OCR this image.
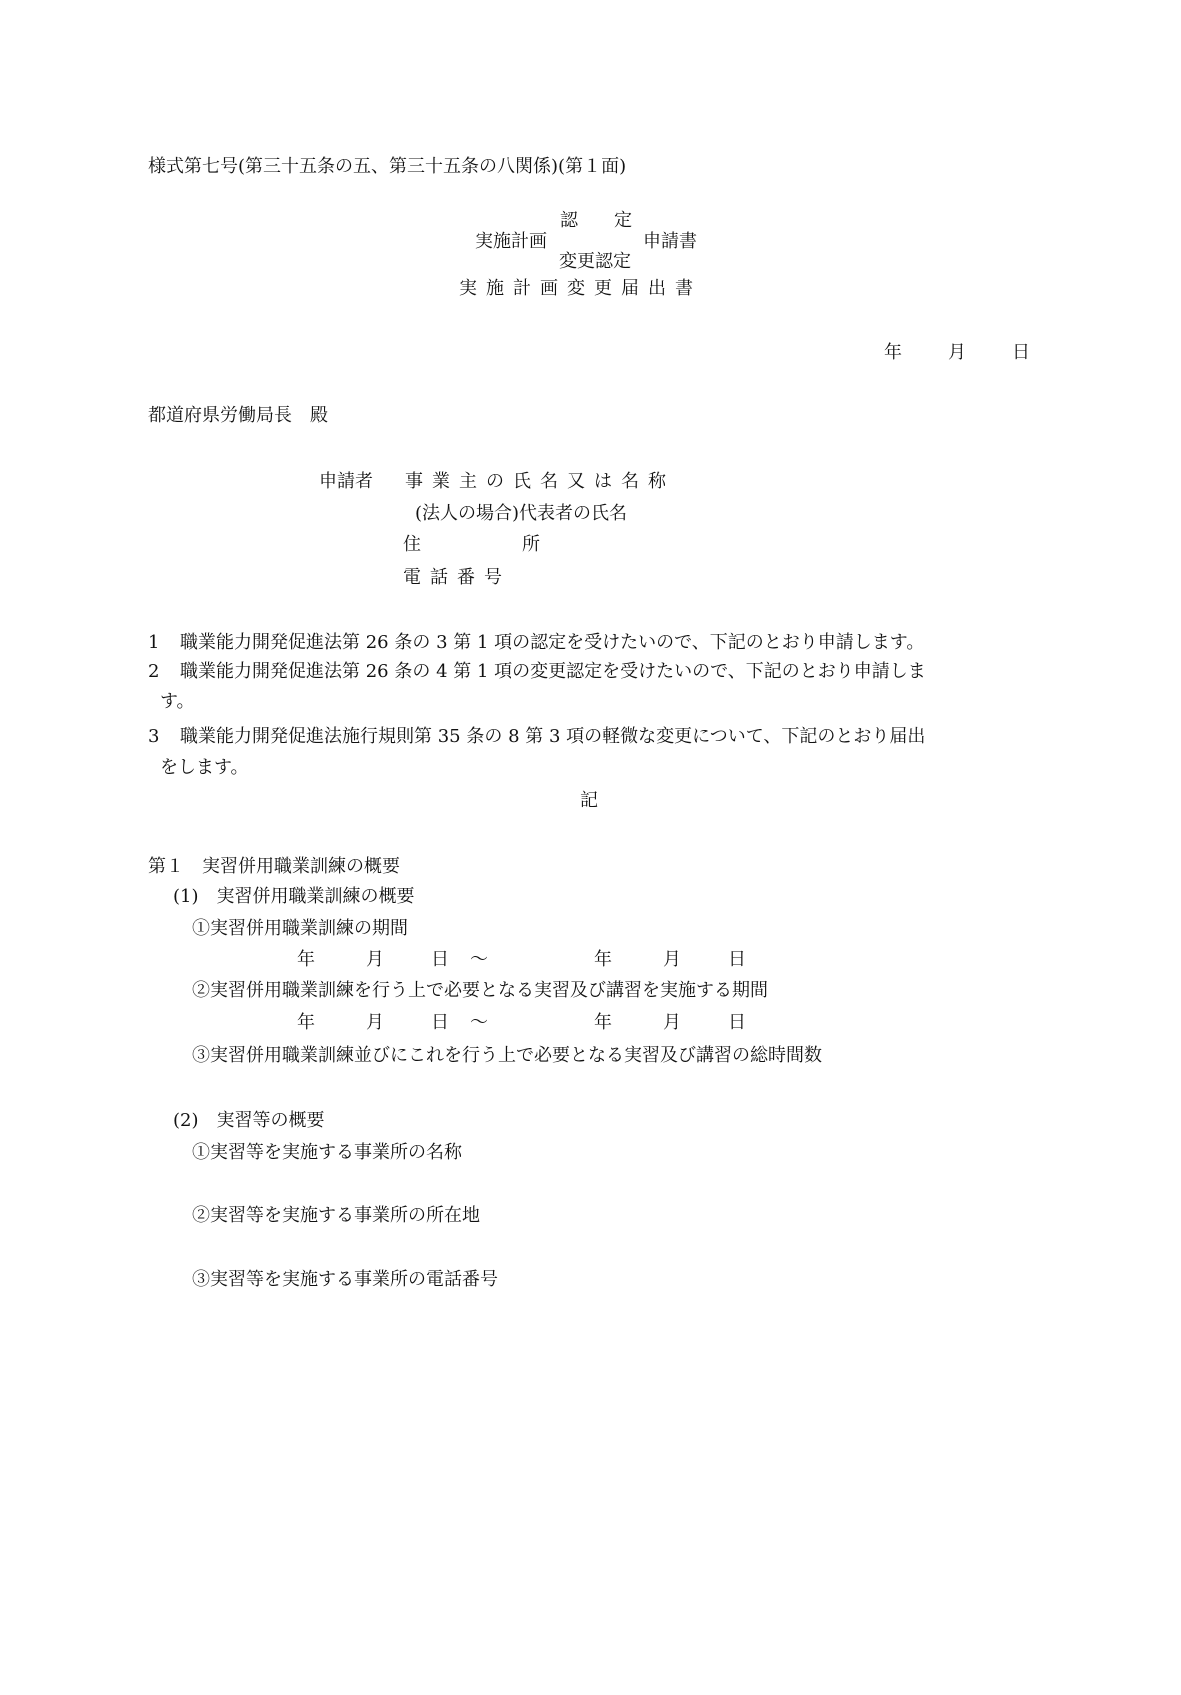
様式第七号(第三十五条の五、第三十五条の八関係)(第１面)
認　　定
実施計画	申請書
変更認定
実施計画変更届出書
年	月	日
都道府県労働局長　殿
申請者 事業主の氏名又は名称
(法人の場合)代表者の氏名
住	所
電話番号
1 職業能力開発促進法第 26 条の 3 第 1 項の認定を受けたいので、下記のとおり申請します。
2 職業能力開発促進法第 26 条の 4 第 1 項の変更認定を受けたいので、下記のとおり申請しま
す。
3 職業能力開発促進法施行規則第 35 条の 8 第 3 項の軽微な変更について、下記のとおり届出
をします。
記
第１　実習併用職業訓練の概要
(1)　実習併用職業訓練の概要
①実習併用職業訓練の期間
年	月	日 ～	年	月	日
②実習併用職業訓練を行う上で必要となる実習及び講習を実施する期間
年	月	日 ～	年	月	日
③実習併用職業訓練並びにこれを行う上で必要となる実習及び講習の総時間数
(2)　実習等の概要
①実習等を実施する事業所の名称
②実習等を実施する事業所の所在地
③実習等を実施する事業所の電話番号
